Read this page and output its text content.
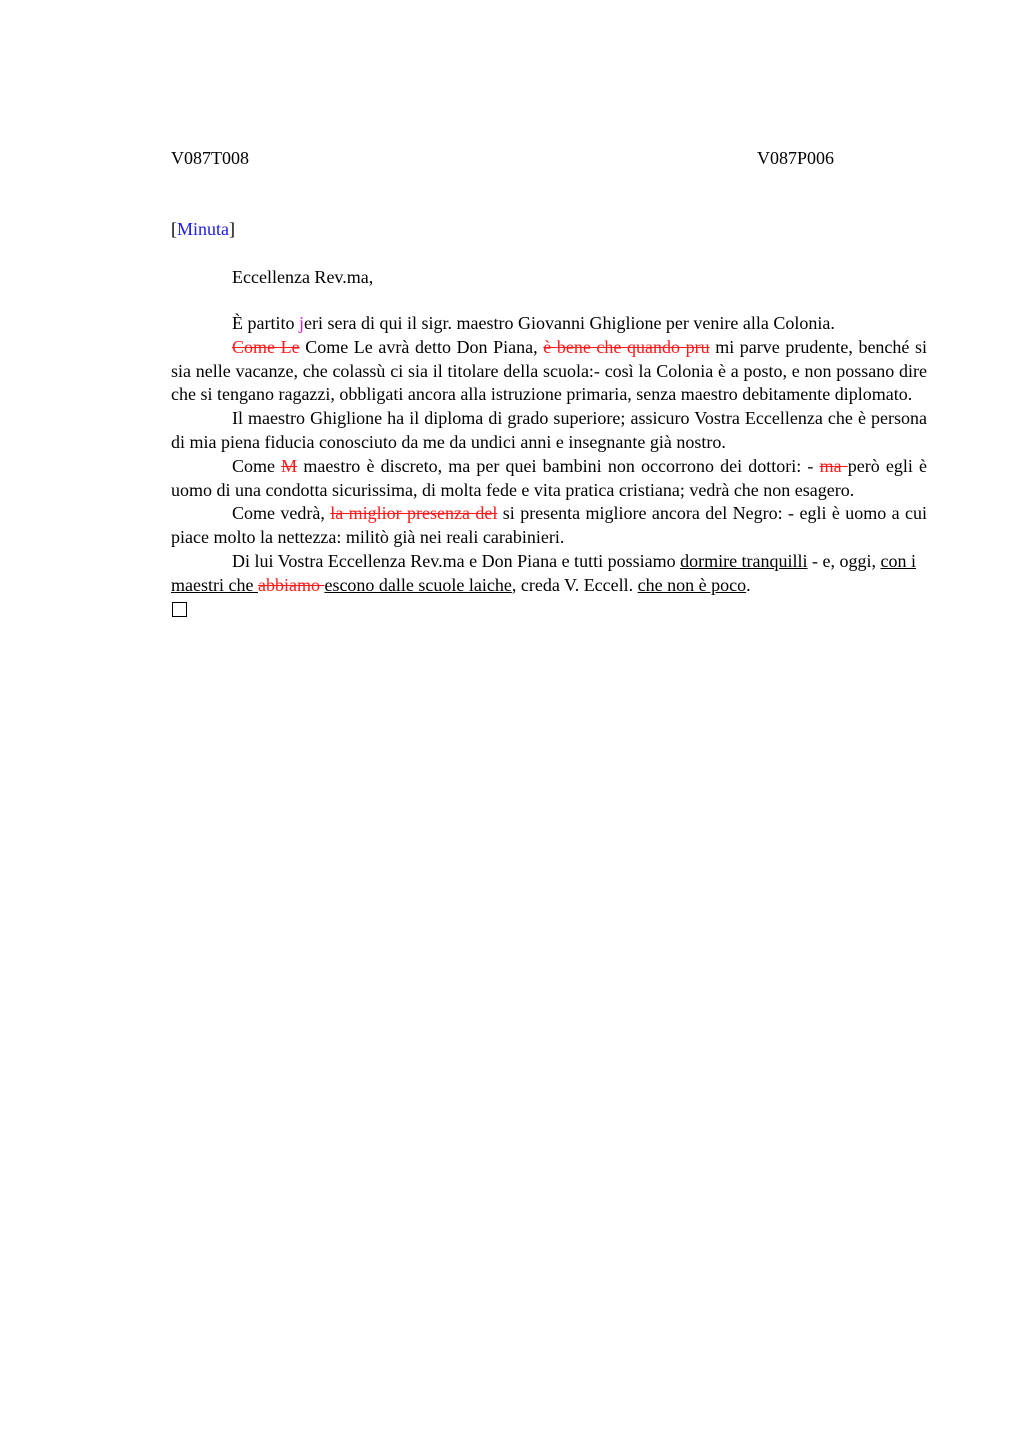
V087T008	V087P006
[Minuta]
Eccellenza Rev.ma,

È partito jeri sera di qui il sigr. maestro Giovanni Ghiglione per venire alla Colonia.

Come Le Come Le avrà detto Don Piana, è bene che quando pru mi parve prudente, benché si sia nelle vacanze, che colassù ci sia il titolare della scuola:- così la Colonia è a posto, e non possano dire che si tengano ragazzi, obbligati ancora alla istruzione primaria, senza maestro debitamente diplomato.

Il maestro Ghiglione ha il diploma di grado superiore; assicuro Vostra Eccellenza che è persona di mia piena fiducia conosciuto da me da undici anni e insegnante già nostro.

Come M maestro è discreto, ma per quei bambini non occorrono dei dottori: - ma però egli è uomo di una condotta sicurissima, di molta fede e vita pratica cristiana; vedrà che non esagero.

Come vedrà, la miglior presenza del si presenta migliore ancora del Negro: - egli è uomo a cui piace molto la nettezza: militò già nei reali carabinieri.

Di lui Vostra Eccellenza Rev.ma e Don Piana e tutti possiamo dormire tranquilli - e, oggi, con i maestri che abbiamo escono dalle scuole laiche, creda V. Eccell. che non è poco.
